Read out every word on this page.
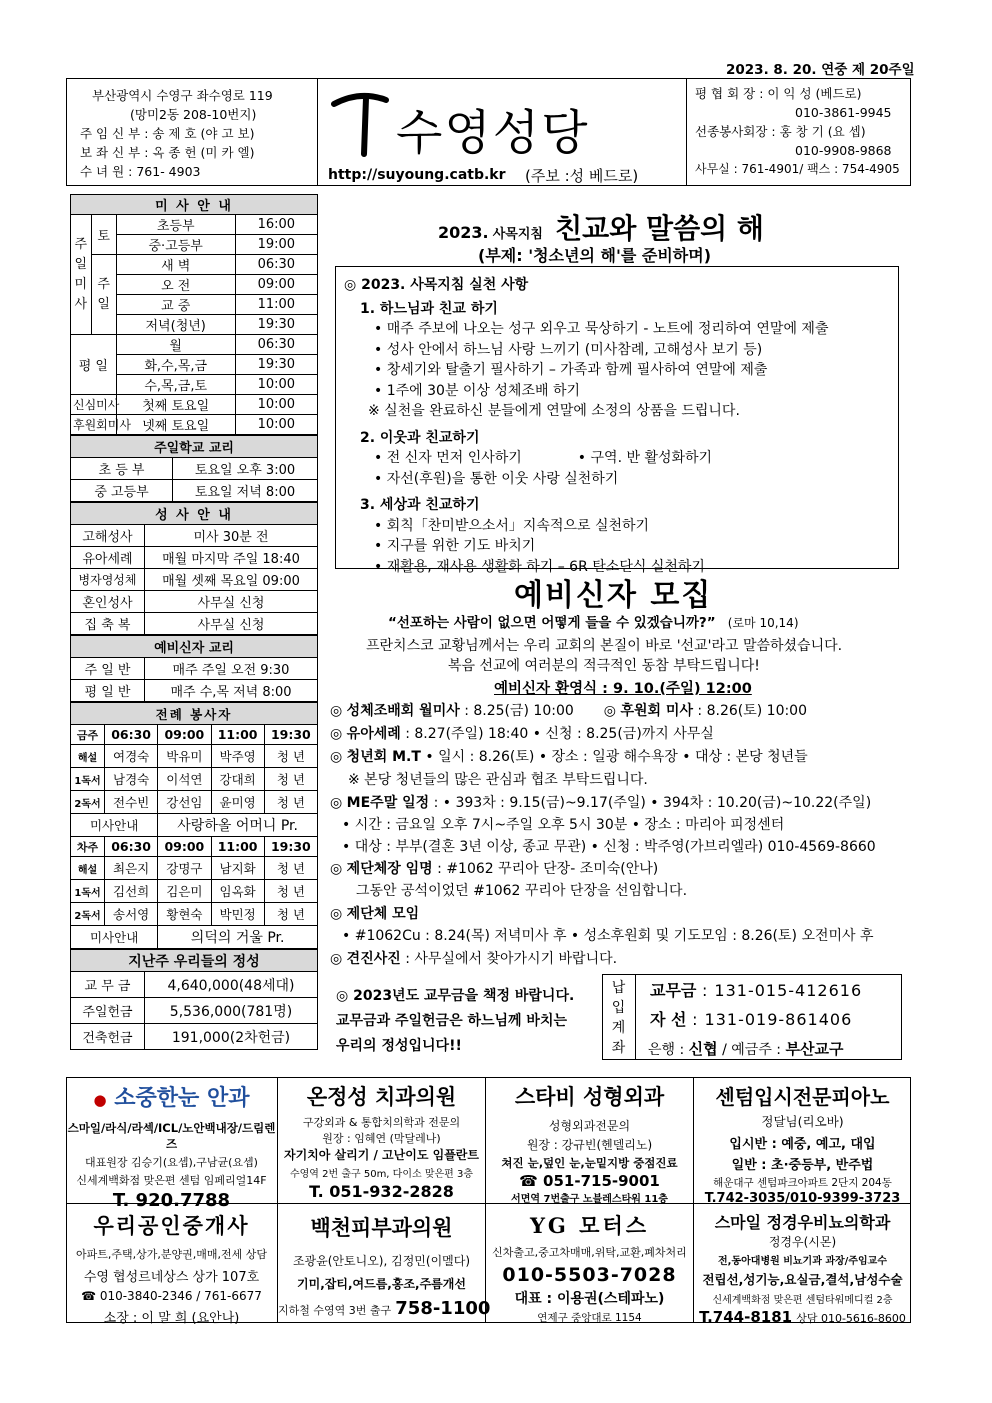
2023. 8. 20. 연중 제 20주일
부산광역시 수영구 좌수영로 119
(망미2동 208-10번지)
주 임 신 부 : 송 제 호 (야 고 보)
보 좌 신 부 : 옥 종 헌 (미 카 엘)
수 녀 원 : 761- 4903
수영성당
http://suyoung.catb.kr (주보 :성 베드로)
평 협 회 장 : 이 익 성 (베드로)
010-3861-9945
선종봉사회장 : 홍 창 기 (요 셉)
010-9908-9868
사무실 : 761-4901/ 팩스 : 754-4905
미 사 안 내			
주
일
미
사	토	초등부	16:00
		중·고등부	19:00
	주
일	새 벽	06:30
		오 전	09:00
		교 중	11:00
		저녁(청년)	19:30
평 일		월	06:30
		화,수,목,금	19:30
		수,목,금,토	10:00
신심미사		첫째 토요일	10:00
후원회미사		넷째 토요일	10:00
주일학교 교리	
초 등 부	토요일 오후 3:00
중 고등부	토요일 저녁 8:00
성 사 안 내	
고해성사	미사 30분 전
유아세례	매월 마지막 주일 18:40
병자영성체	매월 셋째 목요일 09:00
혼인성사	사무실 신청
집 축 복	사무실 신청
예비신자 교리	
주 일 반	매주 주일 오전 9:30
평 일 반	매주 수,목 저녁 8:00
전례 봉사자				
금주	06:30	09:00	11:00	19:30
해설	여경숙	박유미	박주영	청 년
1독서	남경숙	이석연	강대희	청 년
2독서	전수빈	강선임	윤미영	청 년
미사안내		사랑하올 어머니 Pr.		
차주	06:30	09:00	11:00	19:30
해설	최은지	강명구	남지화	청 년
1독서	김선희	김은미	임옥화	청 년
2독서	송서영	황현숙	박민정	청 년
미사안내		의덕의 거울 Pr.		
지난주 우리들의 정성	
교 무 금	4,640,000(48세대)
주일헌금	5,536,000(781명)
건축헌금	191,000(2차헌금)
2023. 사목지침 친교와 말씀의 해
(부제: '청소년의 해'를 준비하며)
◎ 2023. 사목지침 실천 사항
1. 하느님과 친교 하기
• 매주 주보에 나오는 성구 외우고 묵상하기 - 노트에 정리하여 연말에 제출
• 성사 안에서 하느님 사랑 느끼기 (미사참례, 고해성사 보기 등)
• 창세기와 탈출기 필사하기 – 가족과 함께 필사하여 연말에 제출
• 1주에 30분 이상 성체조배 하기
※ 실천을 완료하신 분들에게 연말에 소정의 상품을 드립니다.
2. 이웃과 친교하기
• 전 신자 먼저 인사하기	• 구역. 반 활성화하기
• 자선(후원)을 통한 이웃 사랑 실천하기
3. 세상과 친교하기
• 회칙「찬미받으소서」지속적으로 실천하기
• 지구를 위한 기도 바치기
• 재활용, 재사용 생활화 하기 – 6R 탄소단식 실천하기
예비신자 모집
“선포하는 사람이 없으면 어떻게 들을 수 있겠습니까?” (로마 10,14)
프란치스코 교황님께서는 우리 교회의 본질이 바로 '선교'라고 말씀하셨습니다.
복음 선교에 여러분의 적극적인 동참 부탁드립니다!
예비신자 환영식 : 9. 10.(주일) 12:00
◎ 성체조배회 월미사 : 8.25(금) 10:00 ◎ 후원회 미사 : 8.26(토) 10:00
◎ 유아세례 : 8.27(주일) 18:40 • 신청 : 8.25(금)까지 사무실
◎ 청년회 M.T • 일시 : 8.26(토) • 장소 : 일광 해수욕장 • 대상 : 본당 청년들
※ 본당 청년들의 많은 관심과 협조 부탁드립니다.
◎ ME주말 일정 : • 393차 : 9.15(금)~9.17(주일) • 394차 : 10.20(금)~10.22(주일)
• 시간 : 금요일 오후 7시~주일 오후 5시 30분 • 장소 : 마리아 피정센터
• 대상 : 부부(결혼 3년 이상, 종교 무관) • 신청 : 박주영(가브리엘라) 010-4569-8660
◎ 제단체장 임명 : #1062 꾸리아 단장- 조미숙(안나)
그동안 공석이었던 #1062 꾸리아 단장을 선임합니다.
◎ 제단체 모임
• #1062Cu : 8.24(목) 저녁미사 후 • 성소후원회 및 기도모임 : 8.26(토) 오전미사 후
◎ 견진사진 : 사무실에서 찾아가시기 바랍니다.
◎ 2023년도 교무금을 책정 바랍니다.
교무금과 주일헌금은 하느님께 바치는
우리의 정성입니다!!
납
입
계
좌
교무금 : 131-015-412616
자 선 : 131-019-861406
은행 : 신협 / 예금주 : 부산교구
● 소중한눈 안과
스마일/라식/라섹/ICL/노안백내장/드림렌즈
대표원장 김승기(요셉),구남균(요셉)
신세계백화점 맞은편 센텀 임페리얼14F
T. 920.7788
온정성 치과의원
구강외과 & 통합치의학과 전문의
원장 : 임혜연 (막달레나)
자기치아 살리기 / 고난이도 임플란트
수영역 2번 출구 50m, 다이소 맞은편 3층
T. 051-932-2828
스타비 성형외과
성형외과전문의
원장 : 강규빈(헨델리노)
쳐진 눈,덮인 눈,눈밑지방 중점진료
☎ 051-715-9001
서면역 7번출구 노블레스타워 11층
센텀입시전문피아노
정달님(리오바)
입시반 : 예중, 예고, 대입
일반 : 초·중등부, 반주법
해운대구 센텀파크아파트 2단지 204동
T.742-3035/010-9399-3723
우리공인중개사
아파트,주택,상가,분양권,매매,전세 상담
수영 협성르네상스 상가 107호
☎ 010-3840-2346 / 761-6677
소장 : 이 말 희 (요안나)
백천피부과의원
조광윤(안토니오), 김정민(이멜다)
기미,잡티,여드름,홍조,주름개선
지하철 수영역 3번 출구 758-1100
YG 모터스
신차출고,중고차매매,위탁,교환,폐차처리
010-5503-7028
대표 : 이용권(스테파노)
연제구 중앙대로 1154
스마일 정경우비뇨의학과
정경우(시몬)
전,동아대병원 비뇨기과 과장/주임교수
전립선,성기능,요실금,결석,남성수술
신세계백화점 맞은편 센텀타워메디컬 2층
T.744-8181 상담 010-5616-8600
